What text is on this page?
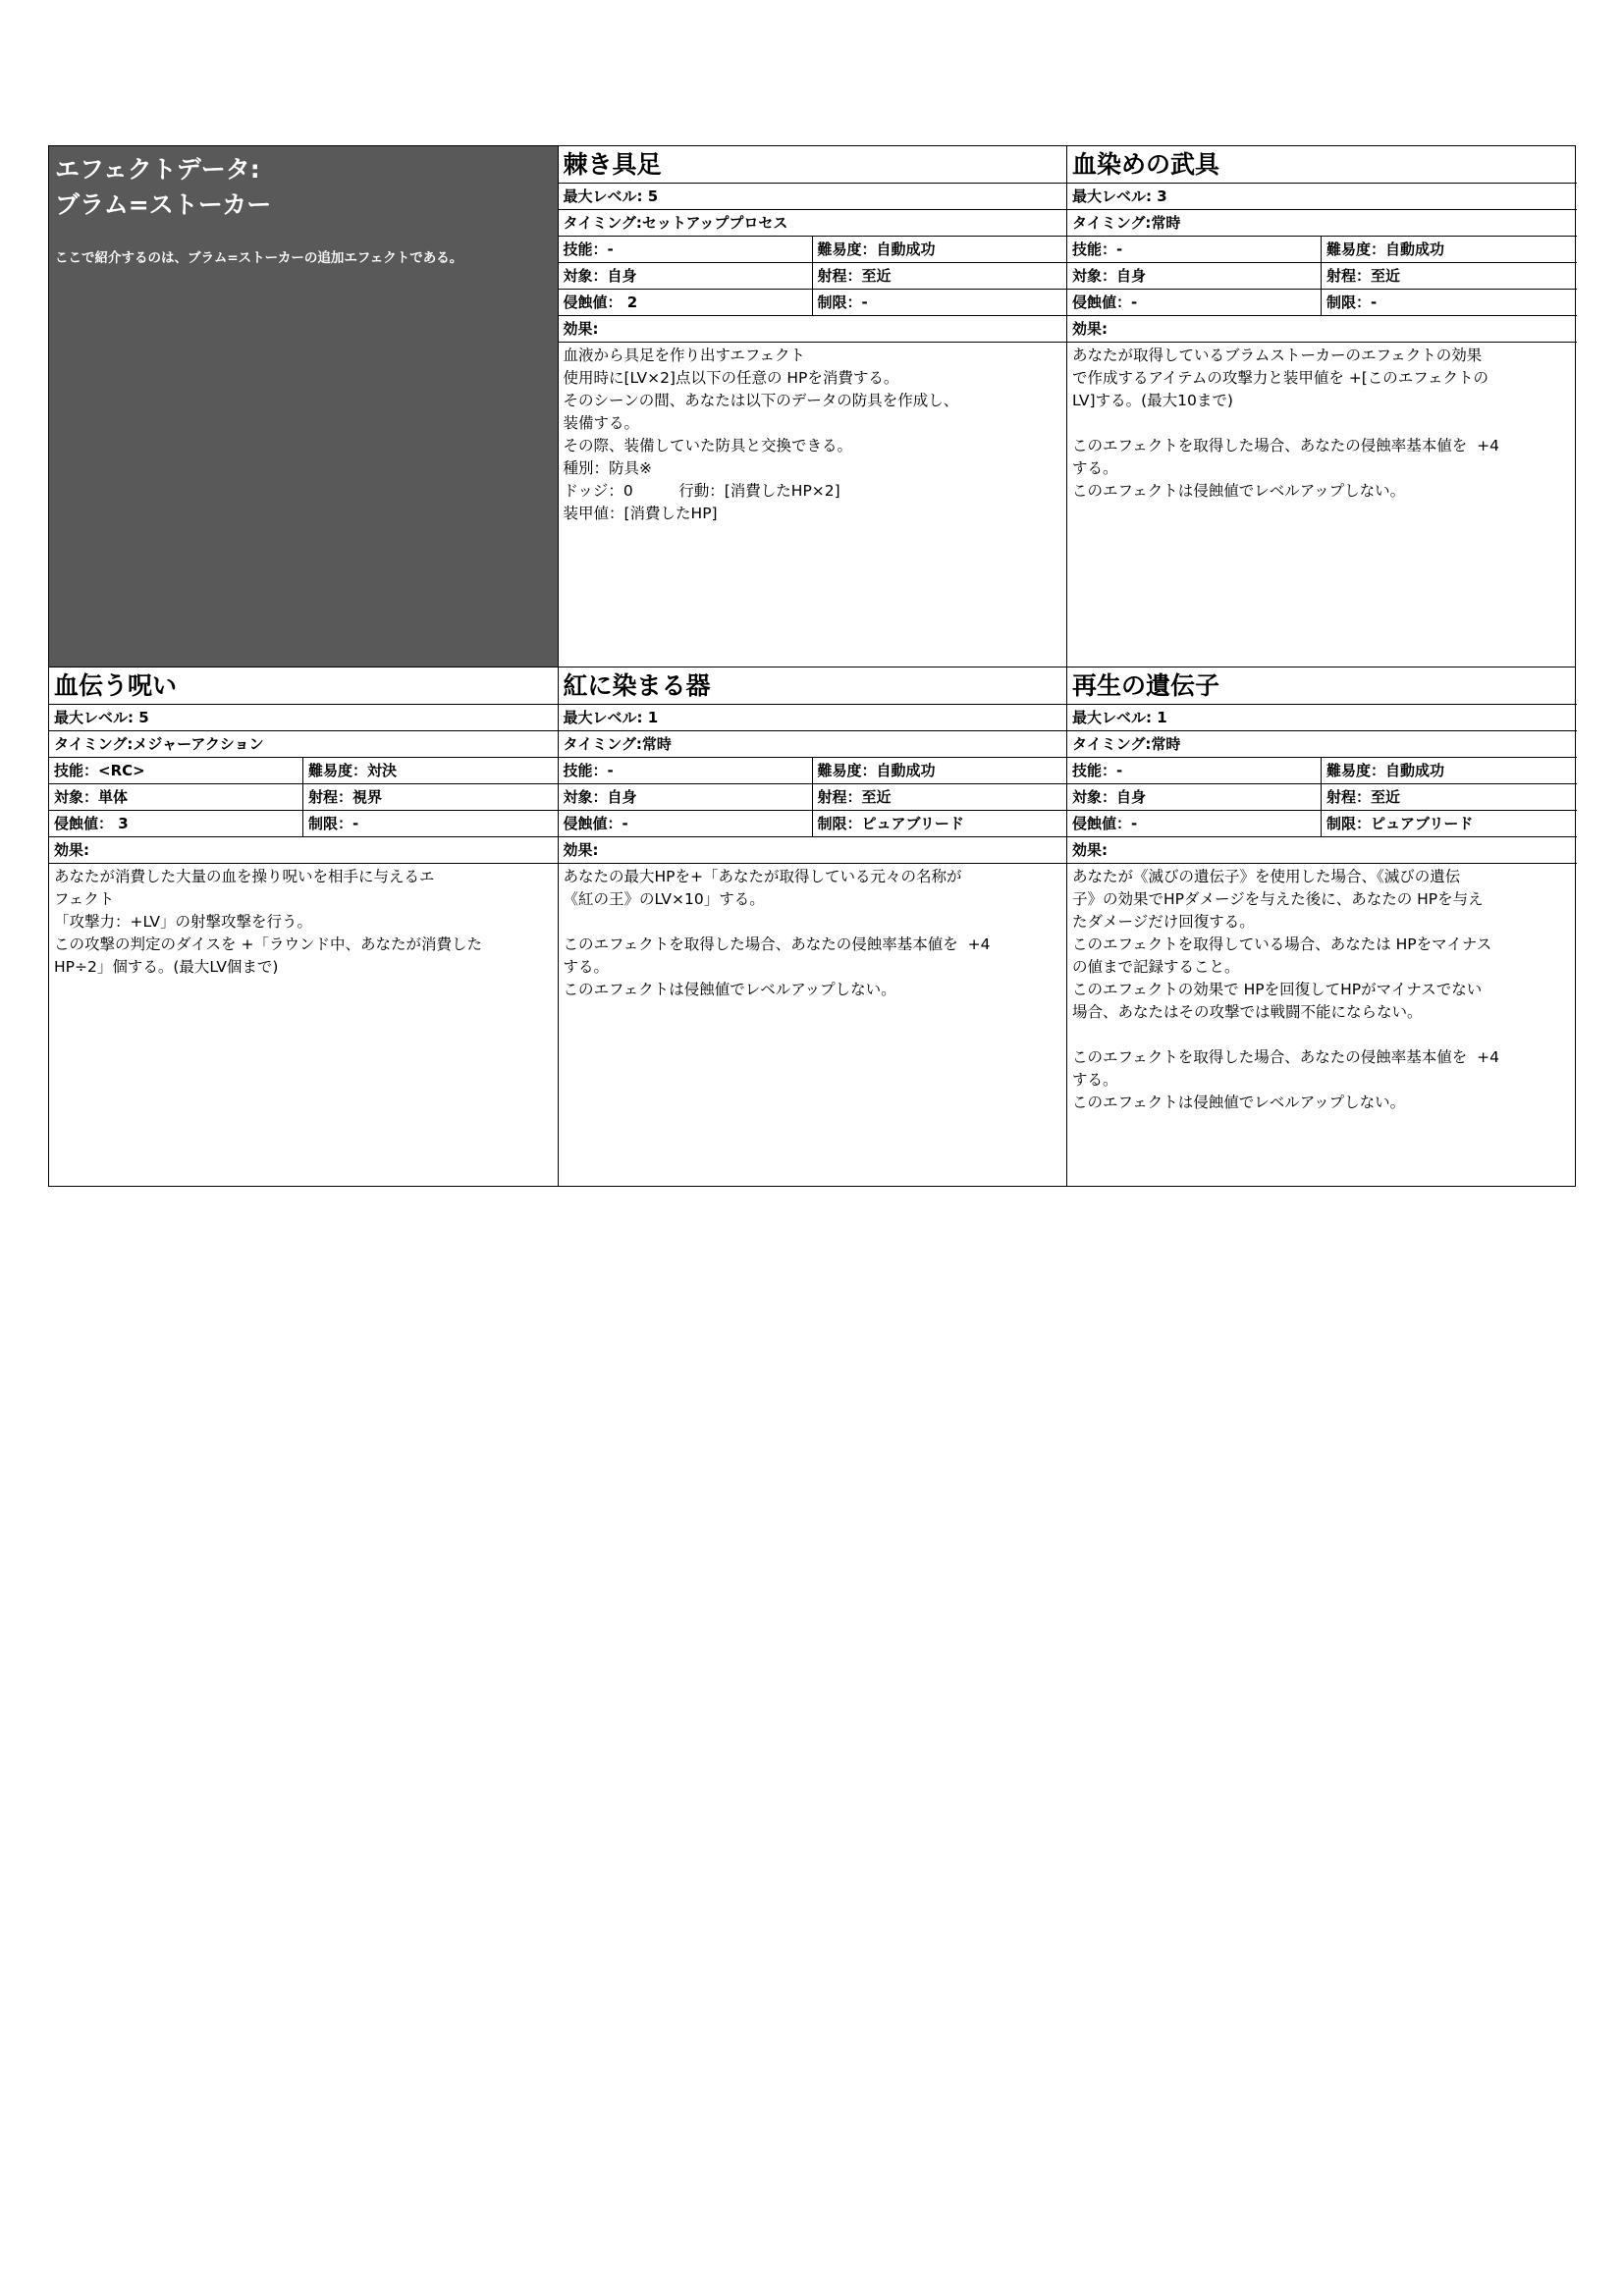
エフェクトデータ:
ブラム=ストーカー
ここで紹介するのは、ブラム=ストーカーの追加エフェクトである。
棘き具足
最大レベル: 5
タイミング:セットアッププロセス
技能：-	難易度：自動成功
対象：自身	射程：至近
侵蝕値： 2	制限：-
効果:
血液から具足を作り出すエフェクト
使用時に[LV×2]点以下の任意の HPを消費する。
そのシーンの間、あなたは以下のデータの防具を作成し、
装備する。
その際、装備していた防具と交換できる。
種別：防具※
ドッジ：0　　　行動：[消費したHP×2]
装甲値：[消費したHP]
血染めの武具
最大レベル: 3
タイミング:常時
技能：-	難易度：自動成功
対象：自身	射程：至近
侵蝕値：-	制限：-
効果:
あなたが取得しているブラムストーカーのエフェクトの効果
で作成するアイテムの攻撃力と装甲値を +[このエフェクトの
LV]する。(最大10まで)

このエフェクトを取得した場合、あなたの侵蝕率基本値を  +4
する。
このエフェクトは侵蝕値でレベルアップしない。
血伝う呪い
最大レベル: 5
タイミング:メジャーアクション
技能：<RC>	難易度：対決
対象：単体	射程：視界
侵蝕値： 3	制限：-
効果:
あなたが消費した大量の血を操り呪いを相手に与えるエ
フェクト
「攻撃力：+LV」の射撃攻撃を行う。
この攻撃の判定のダイスを +「ラウンド中、あなたが消費した
HP÷2」個する。(最大LV個まで)
紅に染まる器
最大レベル: 1
タイミング:常時
技能：-	難易度：自動成功
対象：自身	射程：至近
侵蝕値：-	制限：ピュアブリード
効果:
あなたの最大HPを+「あなたが取得している元々の名称が
《紅の王》のLV×10」する。

このエフェクトを取得した場合、あなたの侵蝕率基本値を  +4
する。
このエフェクトは侵蝕値でレベルアップしない。
再生の遺伝子
最大レベル: 1
タイミング:常時
技能：-	難易度：自動成功
対象：自身	射程：至近
侵蝕値：-	制限：ピュアブリード
効果:
あなたが《滅びの遺伝子》を使用した場合、《滅びの遺伝
子》の効果でHPダメージを与えた後に、あなたの HPを与え
たダメージだけ回復する。
このエフェクトを取得している場合、あなたは HPをマイナス
の値まで記録すること。
このエフェクトの効果で HPを回復してHPがマイナスでない
場合、あなたはその攻撃では戦闘不能にならない。

このエフェクトを取得した場合、あなたの侵蝕率基本値を  +4
する。
このエフェクトは侵蝕値でレベルアップしない。
